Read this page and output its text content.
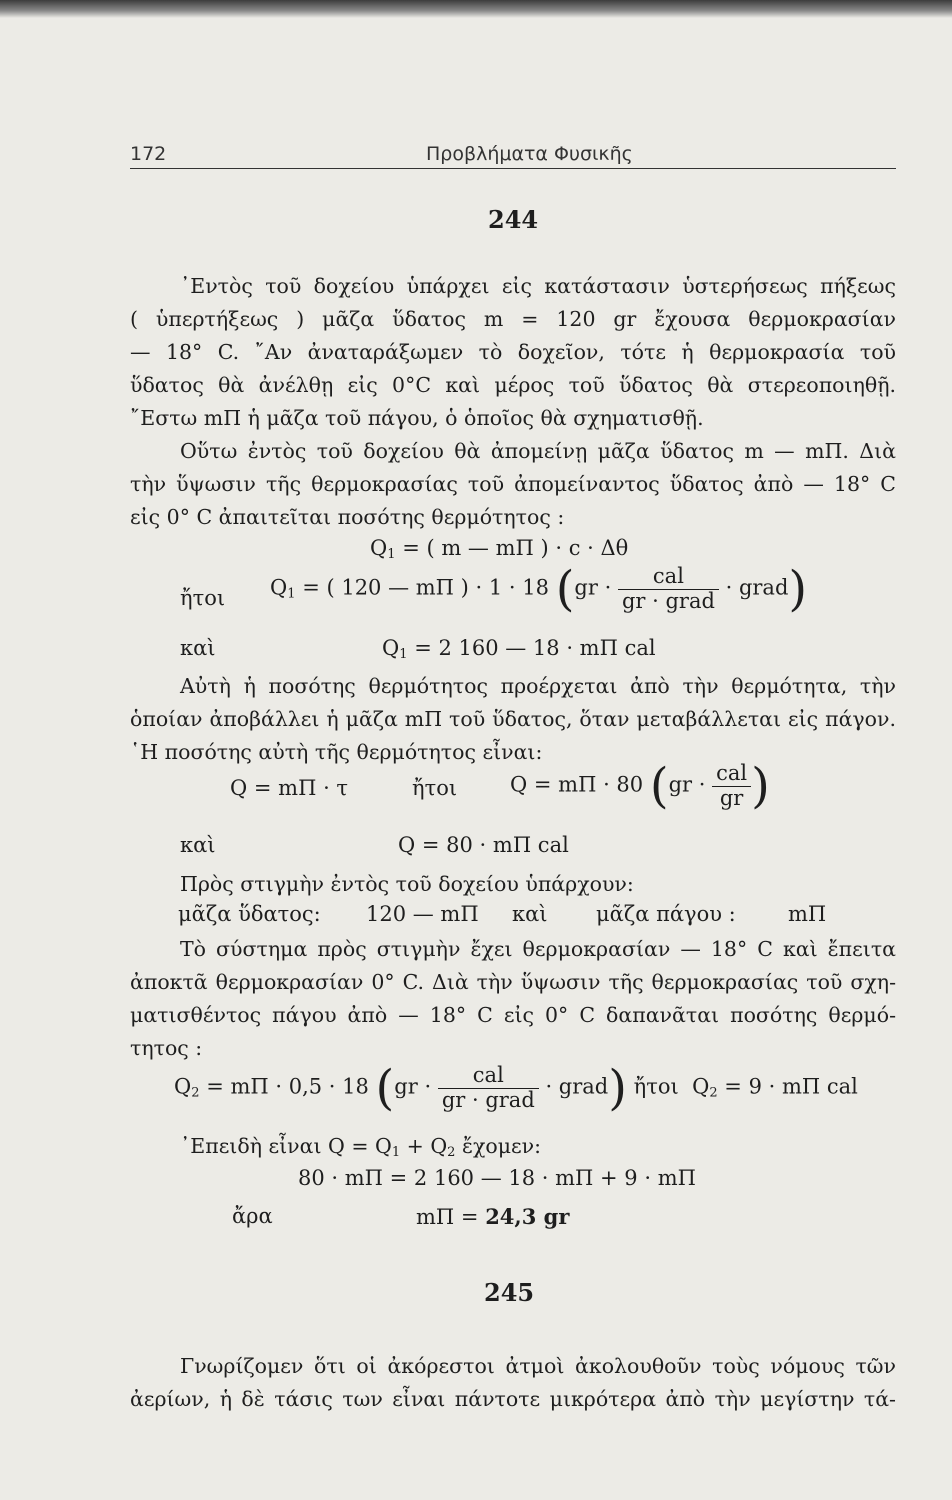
172	Προβλήματα Φυσικῆς
244
᾿Εντὸς τοῦ δοχείου ὑπάρχει εἰς κατάστασιν ὑστερήσεως πήξεως
( ὑπερτήξεως ) μᾶζα ὕδατος m = 120 gr ἔχουσα θερμοκρασίαν
— 18° C. ῎Αν ἀναταράξωμεν τὸ δοχεῖον, τότε ἡ θερμοκρασία τοῦ
ὕδατος θὰ ἀνέλθῃ εἰς 0°C καὶ μέρος τοῦ ὕδατος θὰ στερεοποιηθῇ.
῎Εστω mΠ ἡ μᾶζα τοῦ πάγου, ὁ ὁποῖος θὰ σχηματισθῇ.
Οὕτω ἐντὸς τοῦ δοχείου θὰ ἀπομείνῃ μᾶζα ὕδατος m — mΠ. Διὰ
τὴν ὕψωσιν τῆς θερμοκρασίας τοῦ ἀπομείναντος ὕδατος ἀπὸ — 18° C
εἰς 0° C ἀπαιτεῖται ποσότης θερμότητος :
$Q_1$ = ( m — mΠ ) · c · Δθ
ἤτοι $Q_1$ = ( 120 — mΠ ) · 1 · 18 ($gr \cdot \frac{\text{cal}}{\text{gr · grad}}$ · grad)
καὶ	$Q_1 = 2$ 160 — 18 · mΠ cal
Αὐτὴ ἡ ποσότης θερμότητος προέρχεται ἀπὸ τὴν θερμότητα, τὴν
ὁποίαν ἀποβάλλει ἡ μᾶζα mΠ τοῦ ὕδατος, ὅταν μεταβάλλεται εἰς πάγον.
῾Η ποσότης αὐτὴ τῆς θερμότητος εἶναι:
Q = mΠ · τ	ἤτοι	Q = mΠ · 80 ($gr \cdot \frac{\text{cal}}{gr}$ )
καὶ	Q = 80 · mΠ cal
Πρὸς στιγμὴν ἐντὸς τοῦ δοχείου ὑπάρχουν:
μᾶζα ὕδατος: 120 — mΠ καὶ μᾶζα πάγου : mΠ
Τὸ σύστημα πρὸς στιγμὴν ἔχει θερμοκρασίαν — 18° C καὶ ἔπειτα
ἀποκτᾶ θερμοκρασίαν 0° C. Διὰ τὴν ὕψωσιν τῆς θερμοκρασίας τοῦ σχη-
ματισθέντος πάγου ἀπὸ — 18° C εἰς 0° C δαπανᾶται ποσότης θερμό-
τητος :
$Q_2 = m\Pi \cdot 0,5 \cdot 18$ ($gr \cdot \frac{\text{cal}}{\text{gr · grad}}$ · grad) ἤτοι $Q_2 = 9 \cdot m\Pi$ cal
᾿Επειδὴ εἶναι $Q = Q_1 + Q_2$ ἔχομεν:
80 · mΠ = 2 160 — 18 · mΠ + 9 · mΠ
ἄρα	mΠ = 24,3 gr
245
Γνωρίζομεν ὅτι οἱ ἀκόρεστοι ἀτμοὶ ἀκολουθοῦν τοὺς νόμους τῶν
ἀερίων, ἡ δὲ τάσις των εἶναι πάντοτε μικρότερα ἀπὸ τὴν μεγίστην τά-
